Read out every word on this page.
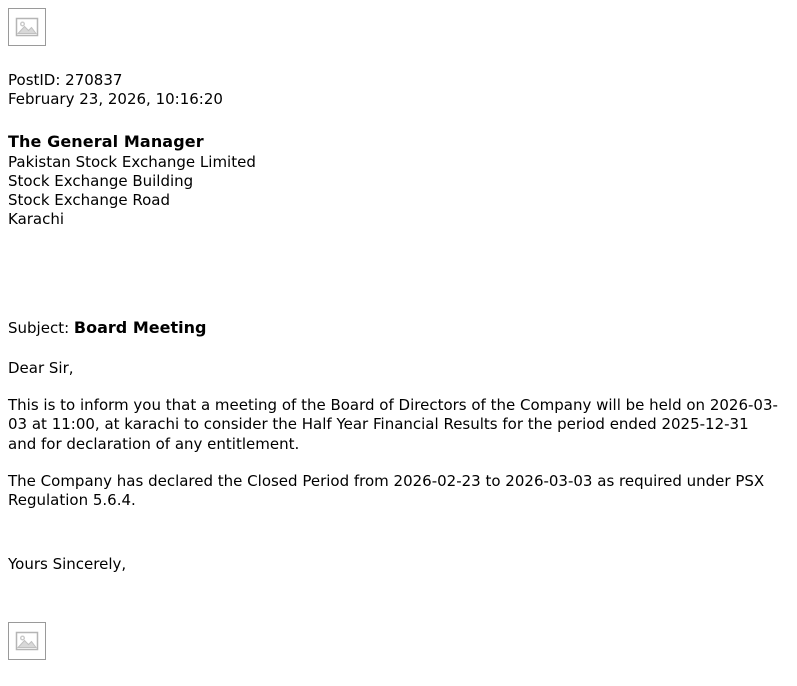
PostID: 270837
February 23, 2026, 10:16:20
The General Manager
Pakistan Stock Exchange Limited
Stock Exchange Building
Stock Exchange Road
Karachi
Subject: Board Meeting
Dear Sir,
This is to inform you that a meeting of the Board of Directors of the Company will be held on 2026-03-03 at 11:00, at karachi to consider the Half Year Financial Results for the period ended 2025-12-31 and for declaration of any entitlement.
The Company has declared the Closed Period from 2026-02-23 to 2026-03-03 as required under PSX Regulation 5.6.4.
Yours Sincerely,
